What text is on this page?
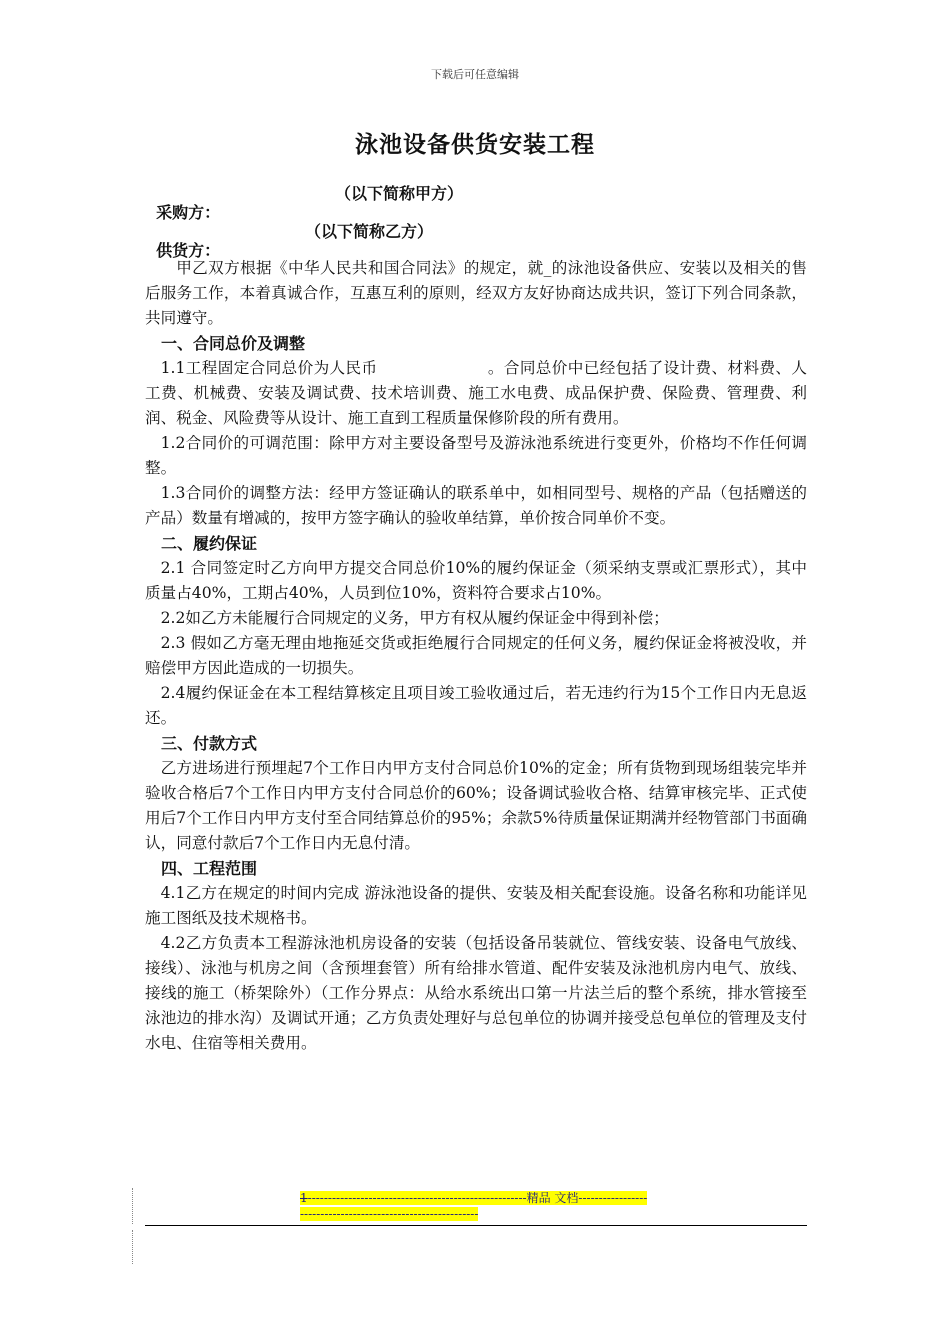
下载后可任意编辑
泳池设备供货安装工程

采购方：

（以下简称甲方）

供货方：

（以下简称乙方）

甲乙双方根据《中华人民共和国合同法》的规定，就_的泳池设备供应、安装以及相关的售后服务工作，本着真诚合作，互惠互利的原则，经双方友好协商达成共识，签订下列合同条款，共同遵守。

一、合同总价及调整

1.1工程固定合同总价为人民币	。合同总价中已经包括了设计费、材料费、人工费、机械费、安装及调试费、技术培训费、施工水电费、成品保护费、保险费、管理费、利润、税金、风险费等从设计、施工直到工程质量保修阶段的所有费用。

1.2合同价的可调范围：除甲方对主要设备型号及游泳池系统进行变更外，价格均不作任何调整。

1.3合同价的调整方法：经甲方签证确认的联系单中，如相同型号、规格的产品（包括赠送的产品）数量有增减的，按甲方签字确认的验收单结算，单价按合同单价不变。

二、履约保证

2.1 合同签定时乙方向甲方提交合同总价10%的履约保证金（须采纳支票或汇票形式），其中质量占40%，工期占40%，人员到位10%，资料符合要求占10%。

2.2如乙方未能履行合同规定的义务，甲方有权从履约保证金中得到补偿；

2.3 假如乙方毫无理由地拖延交货或拒绝履行合同规定的任何义务，履约保证金将被没收，并赔偿甲方因此造成的一切损失。

2.4履约保证金在本工程结算核定且项目竣工验收通过后，若无违约行为15个工作日内无息返还。

三、付款方式

乙方进场进行预埋起7个工作日内甲方支付合同总价10%的定金；所有货物到现场组装完毕并验收合格后7个工作日内甲方支付合同总价的60%；设备调试验收合格、结算审核完毕、正式使用后7个工作日内甲方支付至合同结算总价的95%；余款5%待质量保证期满并经物管部门书面确认，同意付款后7个工作日内无息付清。

四、工程范围

4.1乙方在规定的时间内完成 游泳池设备的提供、安装及相关配套设施。设备名称和功能详见施工图纸及技术规格书。

4.2乙方负责本工程游泳池机房设备的安装（包括设备吊装就位、管线安装、设备电气放线、接线）、泳池与机房之间（含预埋套管）所有给排水管道、配件安装及泳池机房内电气、放线、接线的施工（桥架除外）（工作分界点：从给水系统出口第一片法兰后的整个系统，排水管接至泳池边的排水沟）及调试开通；乙方负责处理好与总包单位的协调并接受总包单位的管理及支付水电、住宿等相关费用。

1------------------------------------------------------精品 文档-------------------------------------------------------------
